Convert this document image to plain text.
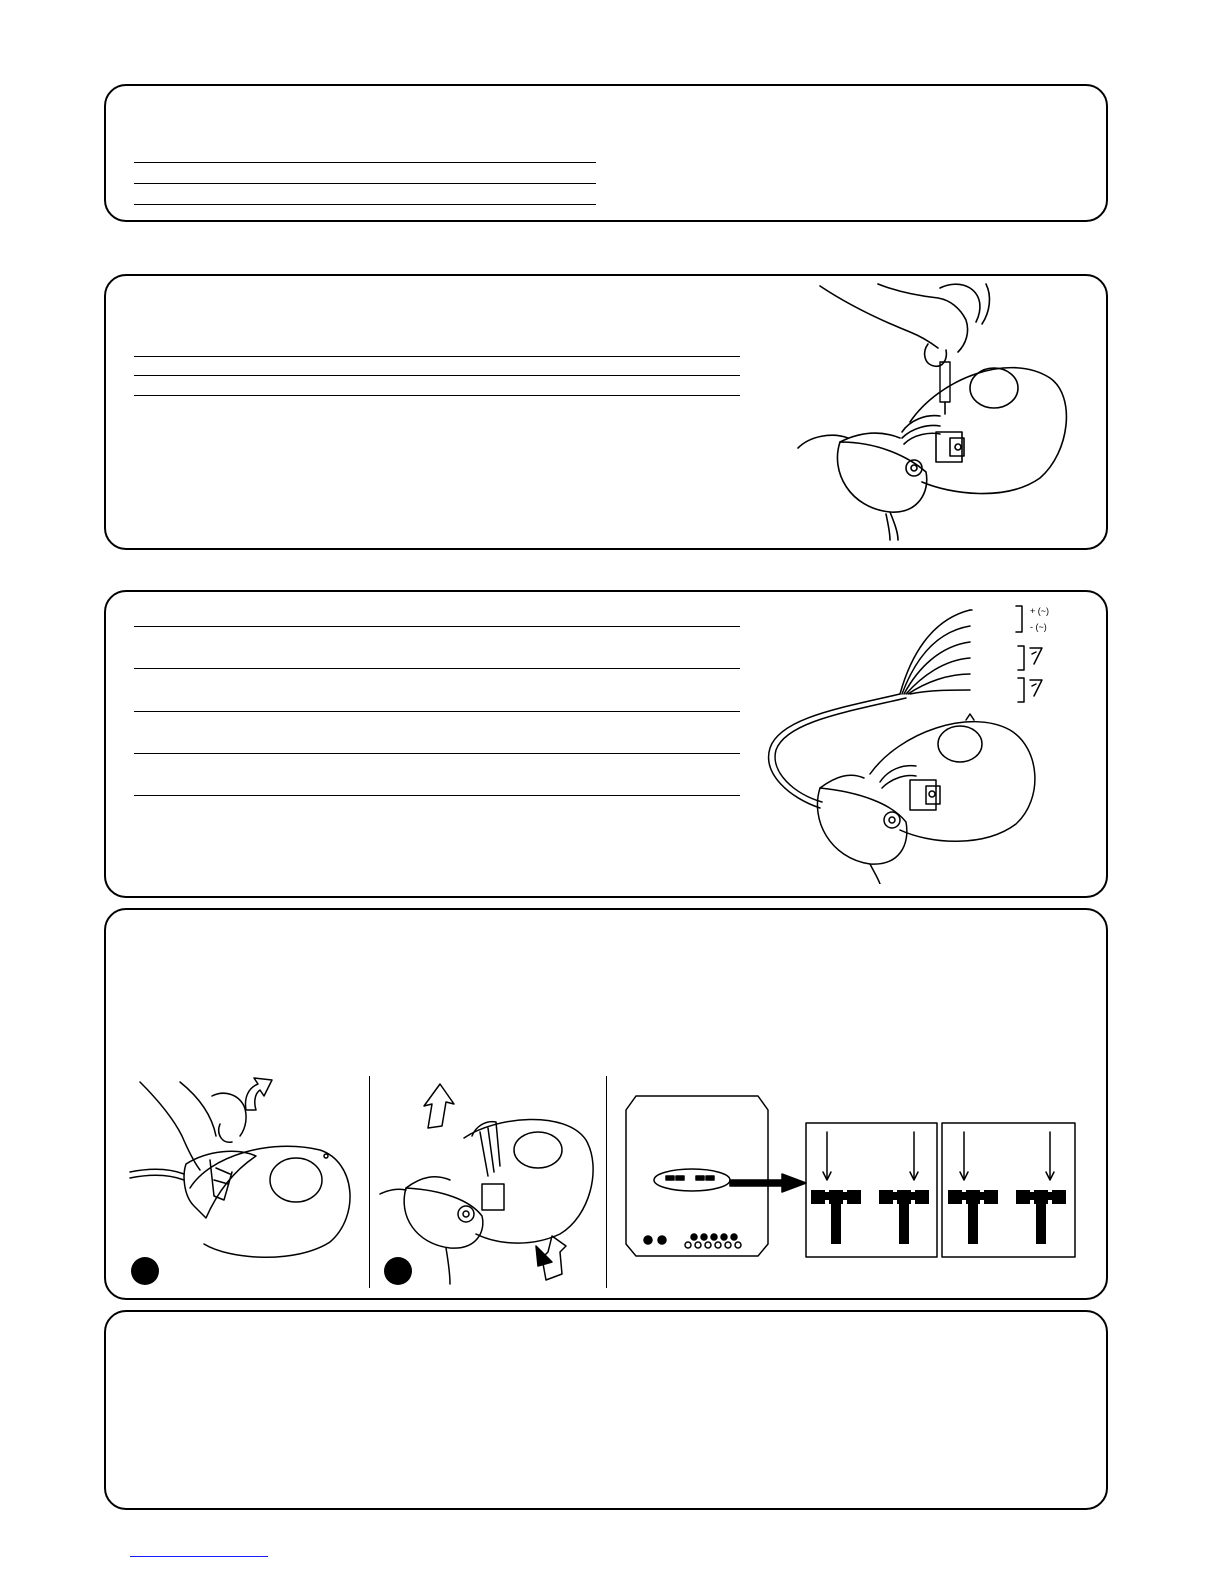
+ (~)
- (~)
